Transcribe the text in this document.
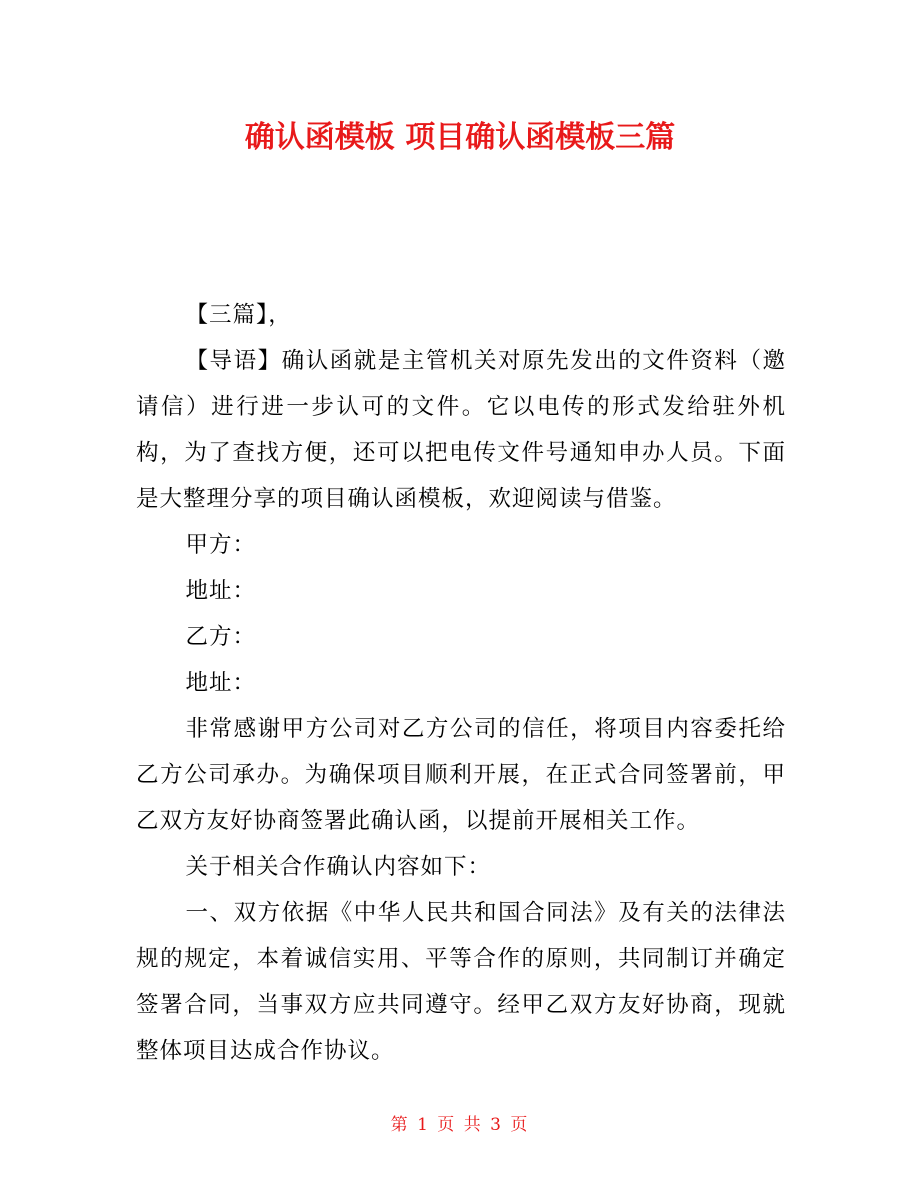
确认函模板 项目确认函模板三篇

【三篇】，

【导语】确认函就是主管机关对原先发出的文件资料（邀请信）进行进一步认可的文件。它以电传的形式发给驻外机构，为了查找方便，还可以把电传文件号通知申办人员。下面是大整理分享的项目确认函模板，欢迎阅读与借鉴。

甲方：

地址：

乙方：

地址：

非常感谢甲方公司对乙方公司的信任，将项目内容委托给乙方公司承办。为确保项目顺利开展，在正式合同签署前，甲乙双方友好协商签署此确认函，以提前开展相关工作。

关于相关合作确认内容如下：

一、双方依据《中华人民共和国合同法》及有关的法律法规的规定，本着诚信实用、平等合作的原则，共同制订并确定签署合同，当事双方应共同遵守。经甲乙双方友好协商，现就整体项目达成合作协议。

第 1 页 共 3 页
